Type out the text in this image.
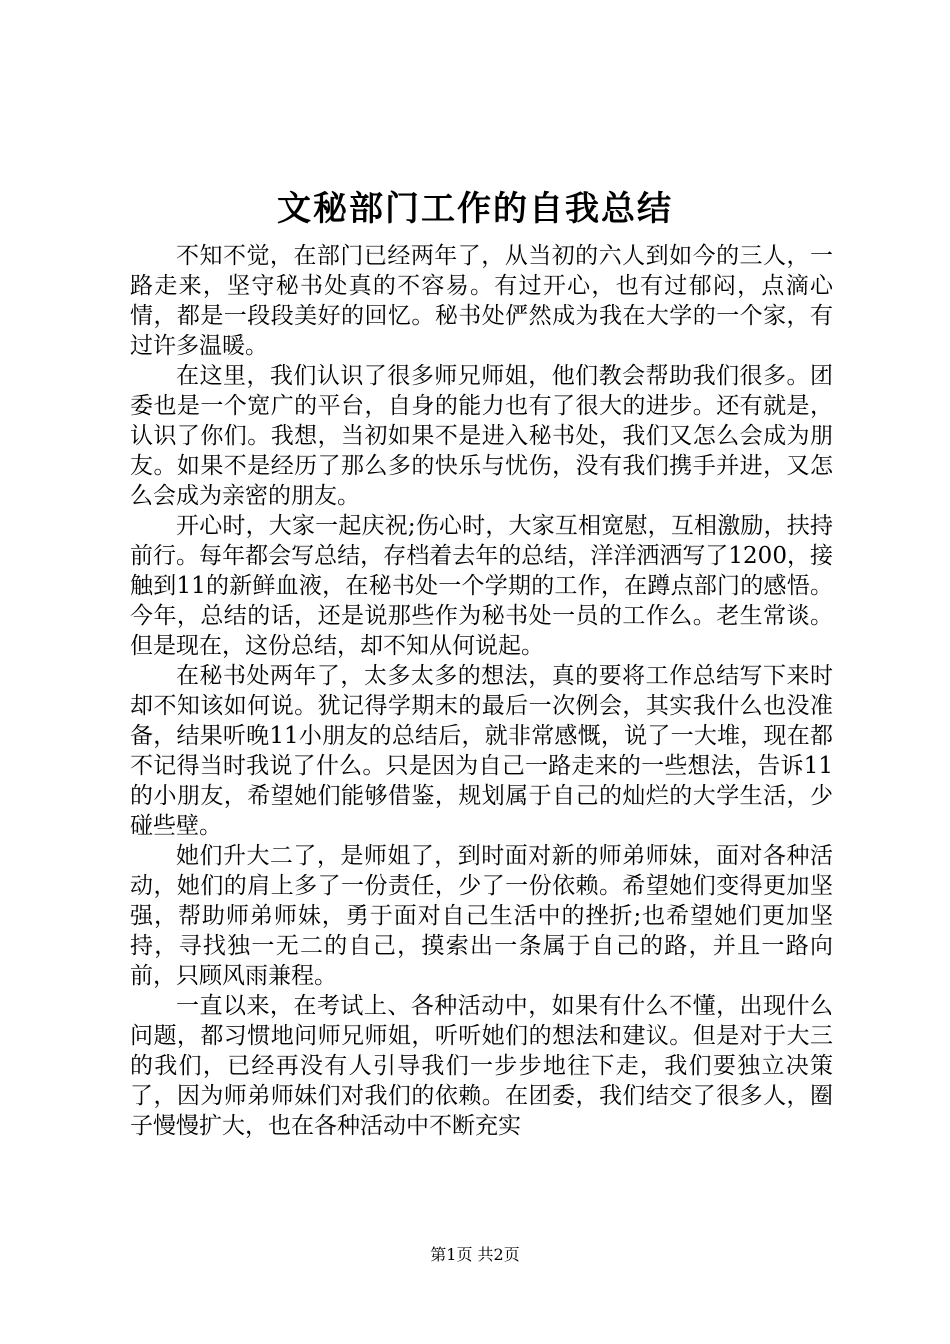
文秘部门工作的自我总结

不知不觉，在部门已经两年了，从当初的六人到如今的三人，一路走来，坚守秘书处真的不容易。有过开心，也有过郁闷，点滴心情，都是一段段美好的回忆。秘书处俨然成为我在大学的一个家，有过许多温暖。

在这里，我们认识了很多师兄师姐，他们教会帮助我们很多。团委也是一个宽广的平台，自身的能力也有了很大的进步。还有就是，认识了你们。我想，当初如果不是进入秘书处，我们又怎么会成为朋友。如果不是经历了那么多的快乐与忧伤，没有我们携手并进，又怎么会成为亲密的朋友。

开心时，大家一起庆祝;伤心时，大家互相宽慰，互相激励，扶持前行。每年都会写总结，存档着去年的总结，洋洋洒洒写了1200，接触到11的新鲜血液，在秘书处一个学期的工作，在蹲点部门的感悟。今年，总结的话，还是说那些作为秘书处一员的工作么。老生常谈。但是现在，这份总结，却不知从何说起。

在秘书处两年了，太多太多的想法，真的要将工作总结写下来时却不知该如何说。犹记得学期末的最后一次例会，其实我什么也没准备，结果听晚11小朋友的总结后，就非常感慨，说了一大堆，现在都不记得当时我说了什么。只是因为自己一路走来的一些想法，告诉11的小朋友，希望她们能够借鉴，规划属于自己的灿烂的大学生活，少碰些壁。

她们升大二了，是师姐了，到时面对新的师弟师妹，面对各种活动，她们的肩上多了一份责任，少了一份依赖。希望她们变得更加坚强，帮助师弟师妹，勇于面对自己生活中的挫折;也希望她们更加坚持，寻找独一无二的自己，摸索出一条属于自己的路，并且一路向前，只顾风雨兼程。

一直以来，在考试上、各种活动中，如果有什么不懂，出现什么问题，都习惯地问师兄师姐，听听她们的想法和建议。但是对于大三的我们，已经再没有人引导我们一步步地往下走，我们要独立决策了，因为师弟师妹们对我们的依赖。在团委，我们结交了很多人，圈子慢慢扩大，也在各种活动中不断充实

第1页 共2页
